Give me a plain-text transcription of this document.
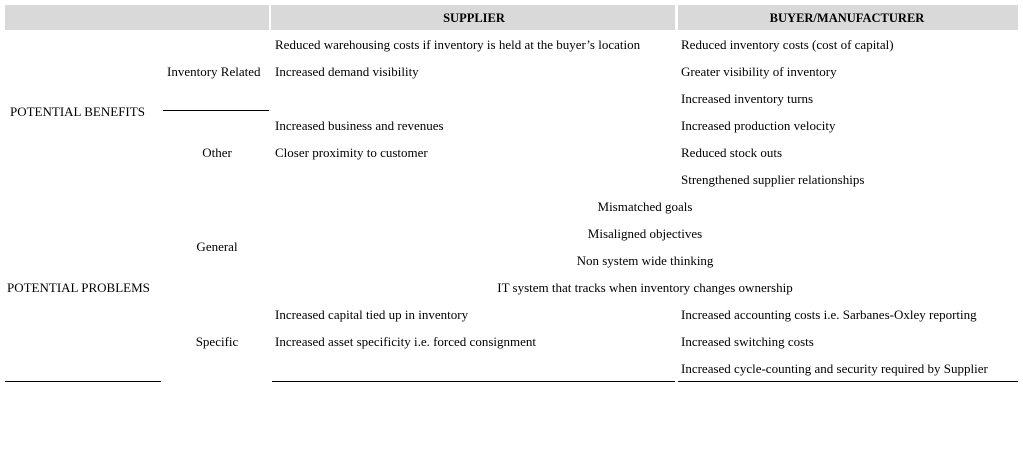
SUPPLIER	BUYER/MANUFACTURER
POTENTIAL BENEFITS
POTENTIAL PROBLEMS
Inventory Related
Other
General
Specific
Reduced warehousing costs if inventory is held at the buyer’s location
Increased demand visibility
Reduced inventory costs (cost of capital)
Greater visibility of inventory
Increased inventory turns
Increased business and revenues
Closer proximity to customer
Increased production velocity
Reduced stock outs
Strengthened supplier relationships
Mismatched goals
Misaligned objectives
Non system wide thinking
IT system that tracks when inventory changes ownership
Increased capital tied up in inventory
Increased asset specificity i.e. forced consignment
Increased accounting costs i.e. Sarbanes-Oxley reporting
Increased switching costs
Increased cycle-counting and security required by Supplier
